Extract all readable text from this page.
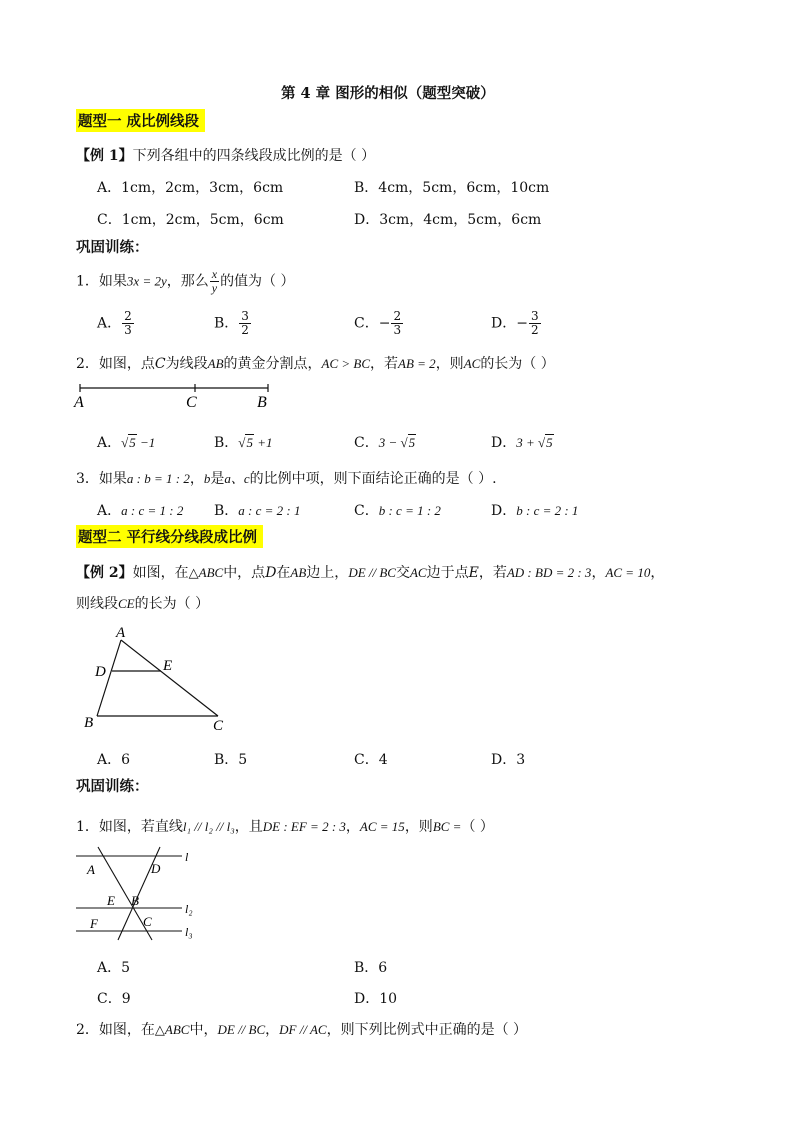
第 4 章 图形的相似（题型突破）
题型一 成比例线段
【例 1】下列各组中的四条线段成比例的是（ ）
A．1cm，2cm，3cm，6cm	B．4cm，5cm，6cm，10cm
C．1cm，2cm，5cm，6cm	D．3cm，4cm，5cm，6cm
巩固训练：
1．如果3x = 2y，那么 $\frac{x}{y}$ 的值为（ ）
A． $\frac{2}{3}$	B． $\frac{3}{2}$	C．− $\frac{2}{3}$	D．− $\frac{3}{2}$
2．如图，点C为线段AB的黄金分割点，AC > BC，若AB = 2，则AC的长为（ ）
A	C	B
A．√5 −1	B．√5 +1	C．3 − √5	D．3 + √5
3．如果a : b = 1 : 2，b是a、c的比例中项，则下面结论正确的是（ ）.
A．a : c = 1 : 2 B．a : c = 2 : 1	C．b : c = 1 : 2	D．b : c = 2 : 1
题型二 平行线分线段成比例
【例 2】如图，在△ABC中，点D在AB边上，DE // BC交AC边于点E，若AD : BD = 2 : 3，AC = 10，
则线段CE的长为（ ）
A
D	E
B	C
A．6	B．5	C．4	D．3
巩固训练：
1．如图，若直线l₁ // l₂ // l₃，且DE : EF = 2 : 3，AC = 15，则BC =（ ）
A	D
E B
F	C
l
l₂
l₃
A．5	B．6
C．9	D．10
2．如图，在△ABC中，DE // BC，DF // AC，则下列比例式中正确的是（ ）
